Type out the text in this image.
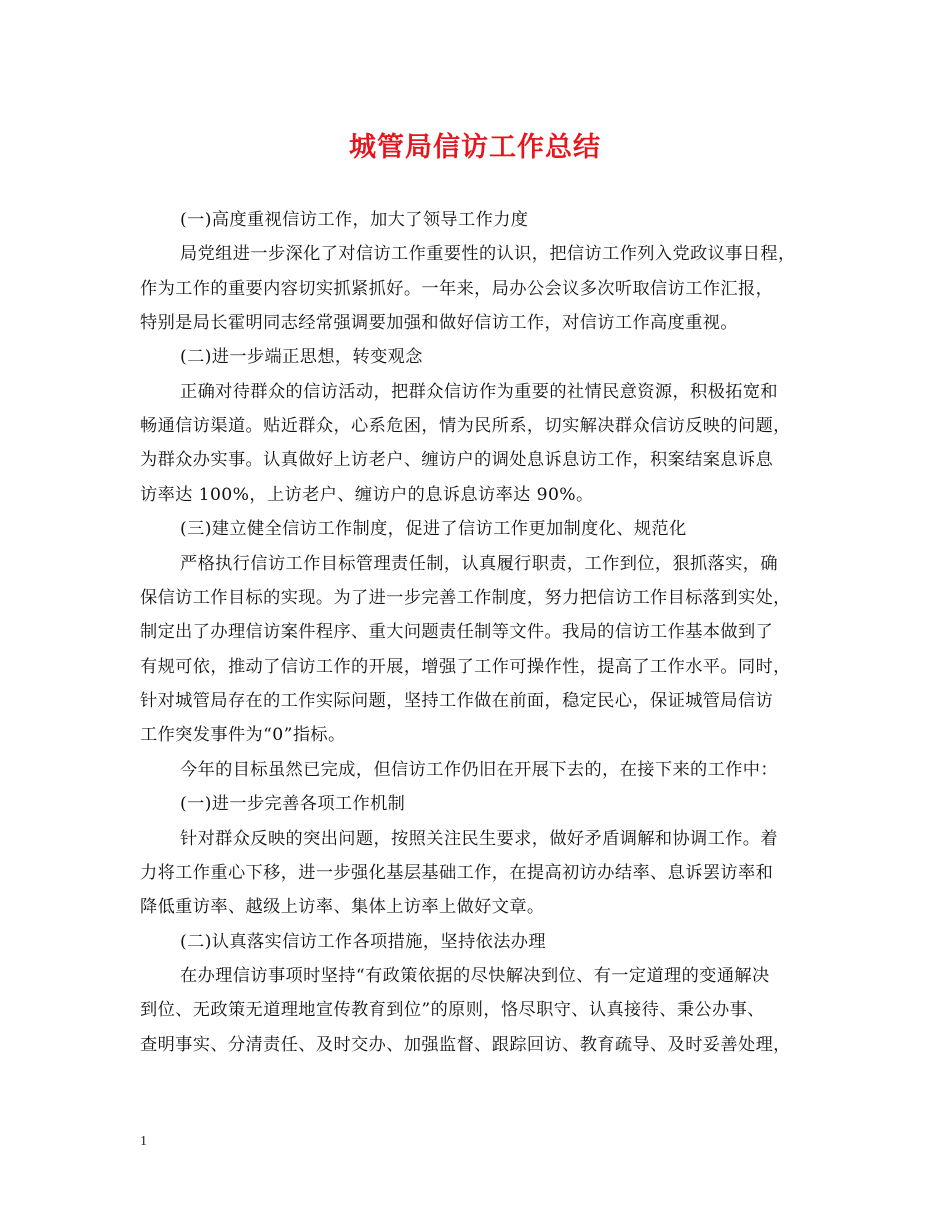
城管局信访工作总结
(一)高度重视信访工作，加大了领导工作力度
局党组进一步深化了对信访工作重要性的认识，把信访工作列入党政议事日程，
作为工作的重要内容切实抓紧抓好。一年来，局办公会议多次听取信访工作汇报，
特别是局长霍明同志经常强调要加强和做好信访工作，对信访工作高度重视。
(二)进一步端正思想，转变观念
正确对待群众的信访活动，把群众信访作为重要的社情民意资源，积极拓宽和
畅通信访渠道。贴近群众，心系危困，情为民所系，切实解决群众信访反映的问题，
为群众办实事。认真做好上访老户、缠访户的调处息诉息访工作，积案结案息诉息
访率达 100%，上访老户、缠访户的息诉息访率达 90%。
(三)建立健全信访工作制度，促进了信访工作更加制度化、规范化
严格执行信访工作目标管理责任制，认真履行职责，工作到位，狠抓落实，确
保信访工作目标的实现。为了进一步完善工作制度，努力把信访工作目标落到实处，
制定出了办理信访案件程序、重大问题责任制等文件。我局的信访工作基本做到了
有规可依，推动了信访工作的开展，增强了工作可操作性，提高了工作水平。同时，
针对城管局存在的工作实际问题，坚持工作做在前面，稳定民心，保证城管局信访
工作突发事件为“0”指标。
今年的目标虽然已完成，但信访工作仍旧在开展下去的，在接下来的工作中：
(一)进一步完善各项工作机制
针对群众反映的突出问题，按照关注民生要求，做好矛盾调解和协调工作。着
力将工作重心下移，进一步强化基层基础工作，在提高初访办结率、息诉罢访率和
降低重访率、越级上访率、集体上访率上做好文章。
(二)认真落实信访工作各项措施，坚持依法办理
在办理信访事项时坚持“有政策依据的尽快解决到位、有一定道理的变通解决
到位、无政策无道理地宣传教育到位”的原则，恪尽职守、认真接待、秉公办事、
查明事实、分清责任、及时交办、加强监督、跟踪回访、教育疏导、及时妥善处理，
1
